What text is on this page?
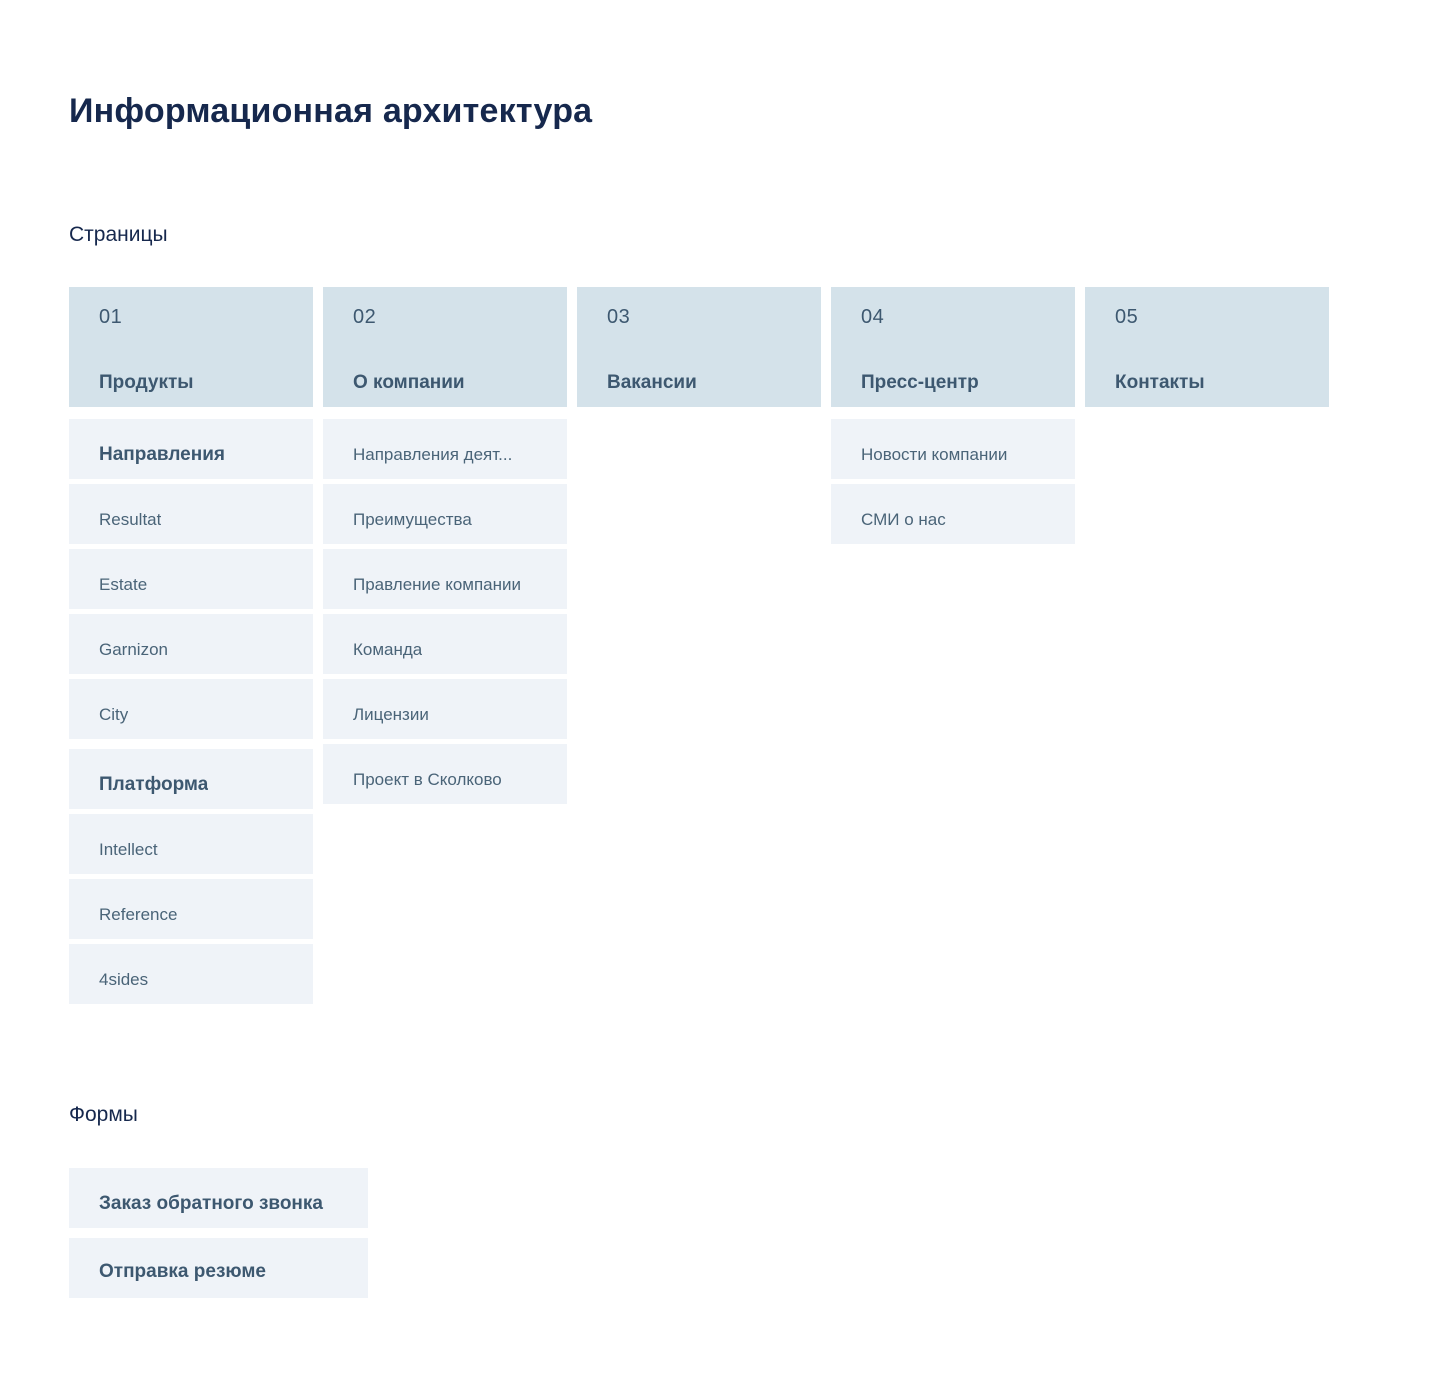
Информационная архитектура
Страницы
01
Продукты
Направления
Resultat
Estate
Garnizon
City
Платформа
Intellect
Reference
4sides
02
О компании
Направления деят...
Преимущества
Правление компании
Команда
Лицензии
Проект в Сколково
03
Вакансии
04
Пресс-центр
Новости компании
СМИ о нас
05
Контакты
Формы
Заказ обратного звонка
Отправка резюме
